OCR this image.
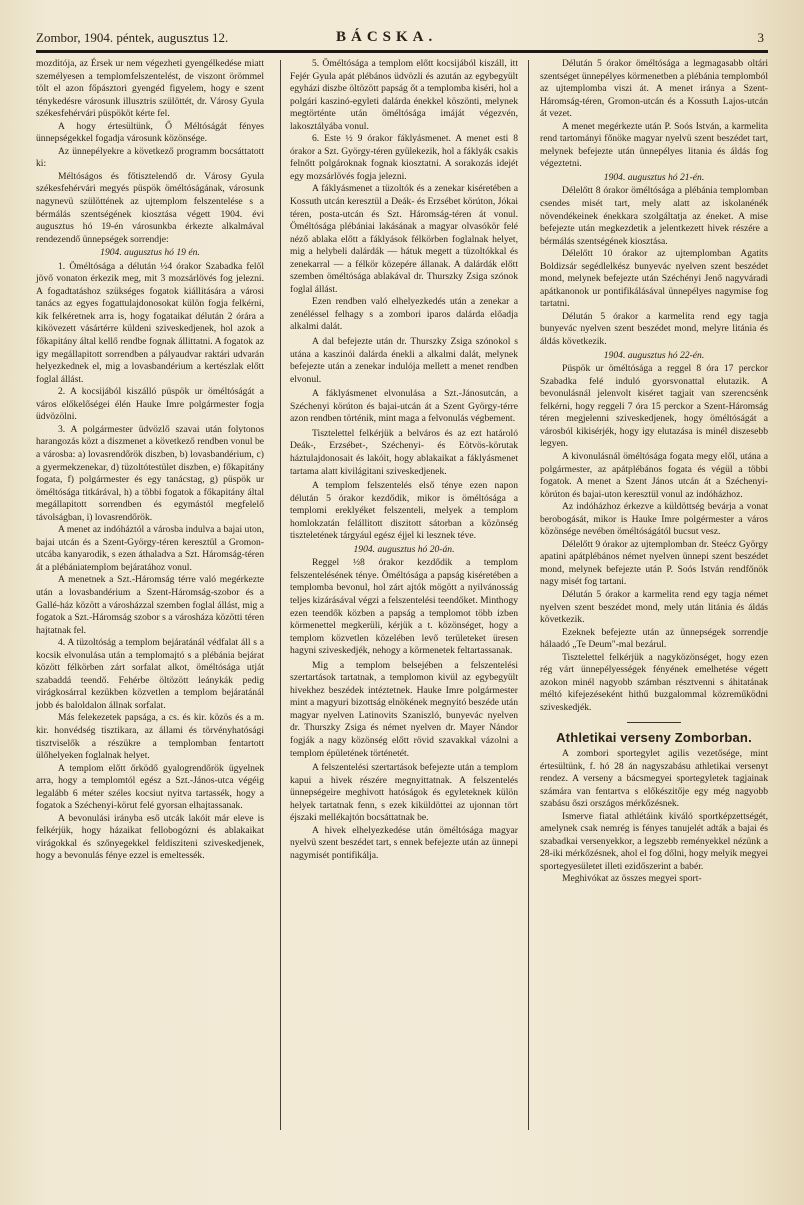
Zombor, 1904. péntek, augusztus 12.	BÁCSKA.	3

mozditója, az Érsek ur nem végezheti gyengélkedése miatt személyesen a templomfelszentelést, de viszont örömmel tölt el azon főpásztori gyengéd figyelem, hogy e szent ténykedésre városunk illusztris szülöttét, dr. Városy Gyula székesfehérvári püspököt kérte fel.

A hogy értesültünk, Ő Méltóságát fényes ünnepségekkel fogadja városunk közönsége.

Az ünnepélyekre a következő programm bocsáttatott ki:

Méltóságos és főtisztelendő dr. Városy Gyula székesfehérvári megyés püspök öméltóságának, városunk nagynevü szülöttének az ujtemplom felszentelése s a bérmálás szentségének kiosztása végett 1904. évi augusztus hó 19-én városunkba érkezte alkalmával rendezendő ünnepségek sorrendje:

1904. augusztus hó 19 én.

1. Öméltósága a délután ½4 órakor Szabadka felől jövő vonaton érkezik meg, mit 3 mozsárlövés fog jelezni. A fogadtatáshoz szükséges fogatok kiállitására a városi tanács az egyes fogattulajdonosokat külön fogja felkérni, kik felkéretnek arra is, hogy fogataikat délután 2 órára a kikövezett vásártérre küldeni sziveskedjenek, hol azok a főkapitány által kellő rendbe fognak állittatni. A fogatok az igy megállapitott sorrendben a pályaudvar raktári udvarán helyezkednek el, mig a lovasbandérium a kertészlak előtt foglal állást.

2. A kocsijából kiszálló püspök ur öméltóságát a város előkelőségei élén Hauke Imre polgármester fogja üdvözölni.

3. A polgármester üdvözlő szavai után folytonos harangozás közt a diszmenet a következő rendben vonul be a városba: a) lovasrendőrök diszben, b) lovasbandérium, c) a gyermekzenekar, d) tüzoltótestület diszben, e) főkapitány fogata, f) polgármester és egy tanácstag, g) püspök ur öméltósága titkárával, h) a többi fogatok a főkapitány által megállapitott sorrendben és egymástól megfelelő távolságban, i) lovasrendőrök.

A menet az indóháztól a városba indulva a bajai uton, bajai utcán és a Szent-György-téren keresztül a Gromon-utcába kanyarodik, s ezen áthaladva a Szt. Háromság-téren át a plébániatemplom bejáratához vonul.

A menetnek a Szt.-Háromság térre való megérkezte után a lovasbandérium a Szent-Háromság-szobor és a Gallé-ház között a városházzal szemben foglal állást, mig a fogatok a Szt.-Háromság szobor s a városháza közötti téren hajtatnak fel.

4. A tüzoltóság a templom bejáratánál védfalat áll s a kocsik elvonulása után a templomajtó s a plébánia bejárat között félkörben zárt sorfalat alkot, öméltósága utját szabaddá teendő. Fehérbe öltözött leánykák pedig virágkosárral kezükben közvetlen a templom bejáratánál jobb és baloldalon állnak sorfalat.

Más felekezetek papsága, a cs. és kir. közös és a m. kir. honvédség tisztikara, az állami és törvényhatósági tisztviselők a részükre a templomban fentartott ülőhelyeken foglalnak helyet.

A templom előtt őrködő gyalogrendőrök ügyelnek arra, hogy a templomtól egész a Szt.-János-utca végéig legalább 6 méter széles kocsiut nyitva tartassék, hogy a fogatok a Széchenyi-körut felé gyorsan elhajtassanak.

A bevonulási irányba eső utcák lakóit már eleve is felkérjük, hogy házaikat fellobogózni és ablakaikat virágokkal és szőnyegekkel feldisziteni sziveskedjenek, hogy a bevonulás fénye ezzel is emeltessék.

5. Öméltósága a templom előtt kocsijából kiszáll, itt Fejér Gyula apát plébános üdvözli és azután az egybegyült egyházi diszbe öltözött papság őt a templomba kiséri, hol a polgári kaszinó-egyleti dalárda énekkel köszönti, melynek megtörténte után öméltósága imáját végezvén, lakosztályába vonul.

6. Este ½ 9 órakor fáklyásmenet. A menet esti 8 órakor a Szt. György-téren gyülekezik, hol a fáklyák csakis felnőtt polgároknak fognak kiosztatni. A sorakozás idejét egy mozsárlövés fogja jelezni.

A fáklyásmenet a tüzoltók és a zenekar kiséretében a Kossuth utcán keresztül a Deák- és Erzsébet körúton, Jókai téren, posta-utcán és Szt. Háromság-téren át vonul. Öméltósága plébániai lakásának a magyar olvasókör felé néző ablaka előtt a fáklyások félkörben foglalnak helyet, mig a helybeli dalárdák — hátuk megett a tüzoltókkal és zenekarral — a félkör közepére állanak. A dalárdák előtt szemben öméltósága ablakával dr. Thurszky Zsiga szónok foglal állást.

Ezen rendben való elhelyezkedés után a zenekar a zenéléssel felhagy s a zombori iparos dalárda előadja alkalmi dalát.

A dal befejezte után dr. Thurszky Zsiga szónokol s utána a kaszinói dalárda énekli a alkalmi dalát, melynek befejezte után a zenekar indulója mellett a menet rendben elvonul.

A fáklyásmenet elvonulása a Szt.-Jánosutcán, a Széchenyi körúton és bajai-utcán át a Szent György-térre azon rendben történik, mint maga a felvonulás végbement.

Tisztelettel felkérjük a belváros és az ezt határoló Deák-, Erzsébet-, Széchenyi- és Eötvös-körutak háztulajdonosait és lakóit, hogy ablakaikat a fáklyásmenet tartama alatt kivilágitani sziveskedjenek.

A templom felszentelés első ténye ezen napon délután 5 órakor kezdődik, mikor is öméltósága a templomi ereklyéket felszenteli, melyek a templom homlokzatán felállitott diszitott sátorban a közönség tiszteletének tárgyául egész éjjel ki lesznek téve.

1904. augusztus hó 20-án.

Reggel ½8 órakor kezdődik a templom felszentelésének ténye. Öméltósága a papság kiséretében a templomba bevonul, hol zárt ajtók mögött a nyilvánosság teljes kizárásával végzi a felszentelési teendőket. Minthogy ezen teendők közben a papság a templomot több izben körmenettel megkerüli, kérjük a t. közönséget, hogy a templom közvetlen közelében levő területeket üresen hagyni sziveskedjék, nehogy a körmenetek feltartassanak.

Mig a templom belsejében a felszentelési szertartások tartatnak, a templomon kivül az egybegyült hivekhez beszédek intéztetnek. Hauke Imre polgármester mint a magyuri bizottság elnökének megnyitó beszéde után magyar nyelven Latinovits Szaniszló, bunyevác nyelven dr. Thurszky Zsiga és német nyelven dr. Mayer Nándor fogják a nagy közönség előtt rövid szavakkal vázolni a templom épületének történetét.

A felszentelési szertartások befejezte után a templom kapui a hivek részére megnyittatnak. A felszentelés ünnepségeire meghivott hatóságok és egyleteknek külön helyek tartatnak fenn, s ezek kiküldöttei az ujonnan tört éjszaki mellékajtón bocsáttatnak be.

A hivek elhelyezkedése után öméltósága magyar nyelvü szent beszédet tart, s ennek befejezte után az ünnepi nagymisét pontifikálja.

Délután 5 órakor öméltósága a legmagasabb oltári szentséget ünnepélyes körmenetben a plébánia templomból az ujtemplomba viszi át. A menet iránya a Szent-Háromság-téren, Gromon-utcán és a Kossuth Lajos-utcán át vezet.

A menet megérkezte után P. Soós István, a karmelita rend tartományi főnöke magyar nyelvü szent beszédet tart, melynek befejezte után ünnepélyes litania és áldás fog végeztetni.

1904. augusztus hó 21-én.

Délelőtt 8 órakor öméltósága a plébánia templomban csendes misét tart, mely alatt az iskolanénék növendékeinek énekkara szolgáltatja az éneket. A mise befejezte után megkezdetik a jelentkezett hivek részére a bérmálás szentségének kiosztása.

Délelőtt 10 órakor az ujtemplomban Agatits Boldizsár segédlelkész bunyevác nyelven szent beszédet mond, melynek befejezte után Széchényi Jenő nagyváradi apátkanonok ur pontifikálásával ünnepélyes nagymise fog tartatni.

Délután 5 órakor a karmelita rend egy tagja bunyevác nyelven szent beszédet mond, melyre litánia és áldás következik.

1904. augusztus hó 22-én.

Püspök ur öméltósága a reggel 8 óra 17 perckor Szabadka felé induló gyorsvonattal elutazik. A bevonulásnál jelenvolt kiséret tagjait van szerencsénk felkérni, hogy reggeli 7 óra 15 perckor a Szent-Háromság téren megjelenni sziveskedjenek, hogy öméltóságát a városból kikisérjék, hogy igy elutazása is minél diszesebb legyen.

A kivonulásnál öméltósága fogata megy elől, utána a polgármester, az apátplébános fogata és végül a többi fogatok. A menet a Szent János utcán át a Széchenyi-körúton és bajai-uton keresztül vonul az indóházhoz.

Az indóházhoz érkezve a küldöttség bevárja a vonat berobogását, mikor is Hauke Imre polgérmester a város közönsége nevében öméltóságától bucsut vesz.

Délelőtt 9 órakor az ujtemplomban dr. Steécz György apatini apátplébános német nyelven ünnepi szent beszédet mond, melynek befejezte után P. Soós István rendfőnök nagy misét fog tartani.

Délután 5 órakor a karmelita rend egy tagja német nyelven szent beszédet mond, mely után litánia és áldás következik.

Ezeknek befejezte után az ünnepségek sorrendje hálaadó „Te Deum"-mal bezárul.

Tisztelettel felkérjük a nagyközönséget, hogy ezen rég várt ünnepélyességek fényének emelhetése végett azokon minél nagyobb számban résztvenni s áhitatának méltó kifejezéseként hithű buzgalommal közreműködni sziveskedjék.

Athletikai verseny Zomborban.

A zombori sportegylet agilis vezetősége, mint értesültünk, f. hó 28 án nagyszabásu athletikai versenyt rendez. A verseny a bácsmegyei sportegyletek tagjainak számára van fentartva s előkészitője egy még nagyobb szabásu őszi országos mérkőzésnek.

Ismerve fiatal athlétáink kiváló sportképzettségét, amelynek csak nemrég is fényes tanujelét adták a bajai és szabadkai versenyekkor, a legszebb reményekkel nézünk a 28-iki mérkőzésnek, ahol el fog dőlni, hogy melyik megyei sportegyesületet illeti ezidőszerint a babér.

Meghivókat az összes megyei sport-
